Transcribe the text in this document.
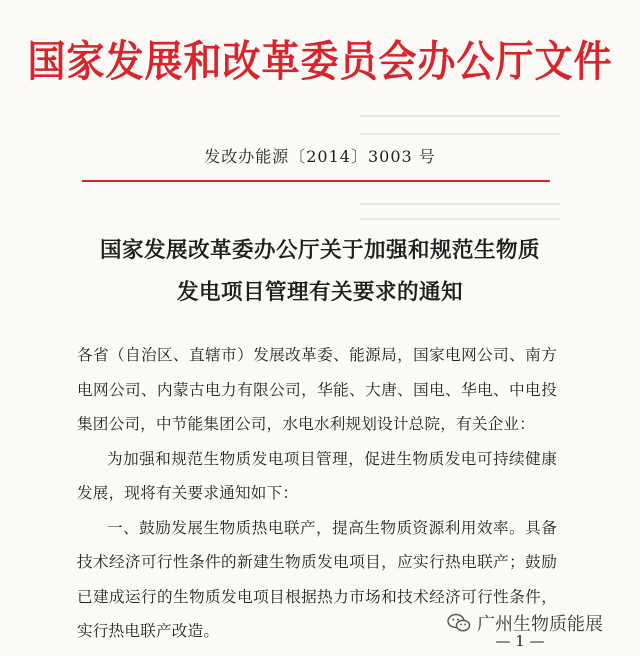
国家发展和改革委员会办公厅文件
发改办能源〔2014〕3003 号
国家发展改革委办公厅关于加强和规范生物质
发电项目管理有关要求的通知

各省（自治区、直辖市）发展改革委、能源局，国家电网公司、南方电网公司、内蒙古电力有限公司，华能、大唐、国电、华电、中电投集团公司，中节能集团公司，水电水利规划设计总院，有关企业：

为加强和规范生物质发电项目管理，促进生物质发电可持续健康发展，现将有关要求通知如下：

一、鼓励发展生物质热电联产，提高生物质资源利用效率。具备技术经济可行性条件的新建生物质发电项目，应实行热电联产；鼓励已建成运行的生物质发电项目根据热力市场和技术经济可行性条件，实行热电联产改造。	广州生物质能展
— 1 —
